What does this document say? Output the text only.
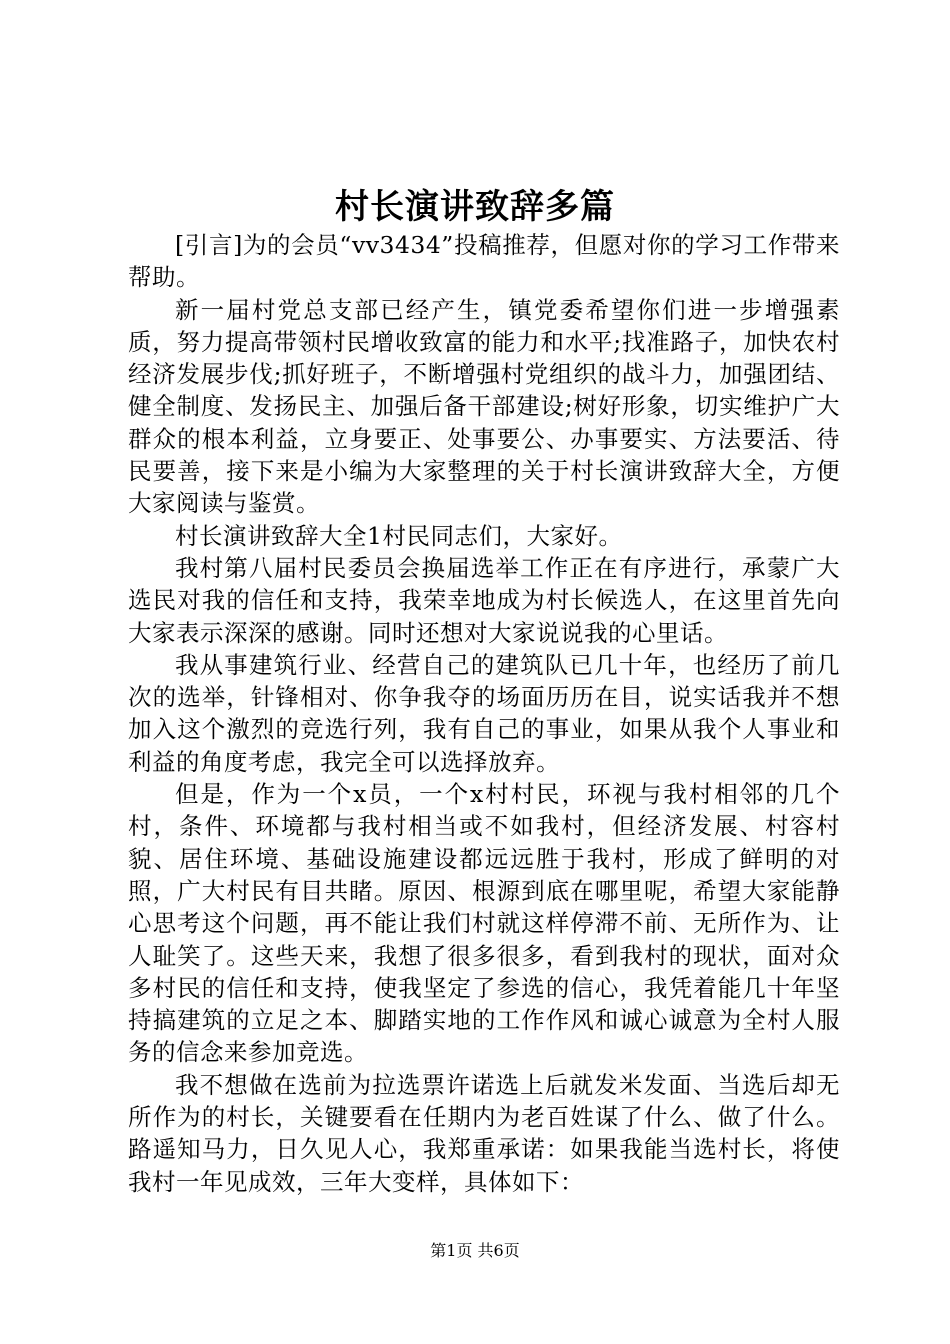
村长演讲致辞多篇

[引言]为的会员“vv3434”投稿推荐，但愿对你的学习工作带来帮助。

新一届村党总支部已经产生，镇党委希望你们进一步增强素质，努力提高带领村民增收致富的能力和水平;找准路子，加快农村经济发展步伐;抓好班子，不断增强村党组织的战斗力，加强团结、健全制度、发扬民主、加强后备干部建设;树好形象，切实维护广大群众的根本利益，立身要正、处事要公、办事要实、方法要活、待民要善，接下来是小编为大家整理的关于村长演讲致辞大全，方便大家阅读与鉴赏。

村长演讲致辞大全1村民同志们，大家好。

我村第八届村民委员会换届选举工作正在有序进行，承蒙广大选民对我的信任和支持，我荣幸地成为村长候选人，在这里首先向大家表示深深的感谢。同时还想对大家说说我的心里话。

我从事建筑行业、经营自己的建筑队已几十年，也经历了前几次的选举，针锋相对、你争我夺的场面历历在目，说实话我并不想加入这个激烈的竞选行列，我有自己的事业，如果从我个人事业和利益的角度考虑，我完全可以选择放弃。

但是，作为一个x员，一个x村村民，环视与我村相邻的几个村，条件、环境都与我村相当或不如我村，但经济发展、村容村貌、居住环境、基础设施建设都远远胜于我村，形成了鲜明的对照，广大村民有目共睹。原因、根源到底在哪里呢，希望大家能静心思考这个问题，再不能让我们村就这样停滞不前、无所作为、让人耻笑了。这些天来，我想了很多很多，看到我村的现状，面对众多村民的信任和支持，使我坚定了参选的信心，我凭着能几十年坚持搞建筑的立足之本、脚踏实地的工作作风和诚心诚意为全村人服务的信念来参加竞选。

我不想做在选前为拉选票许诺选上后就发米发面、当选后却无所作为的村长，关键要看在任期内为老百姓谋了什么、做了什么。路遥知马力，日久见人心，我郑重承诺：如果我能当选村长，将使我村一年见成效，三年大变样，具体如下：

第1页 共6页
